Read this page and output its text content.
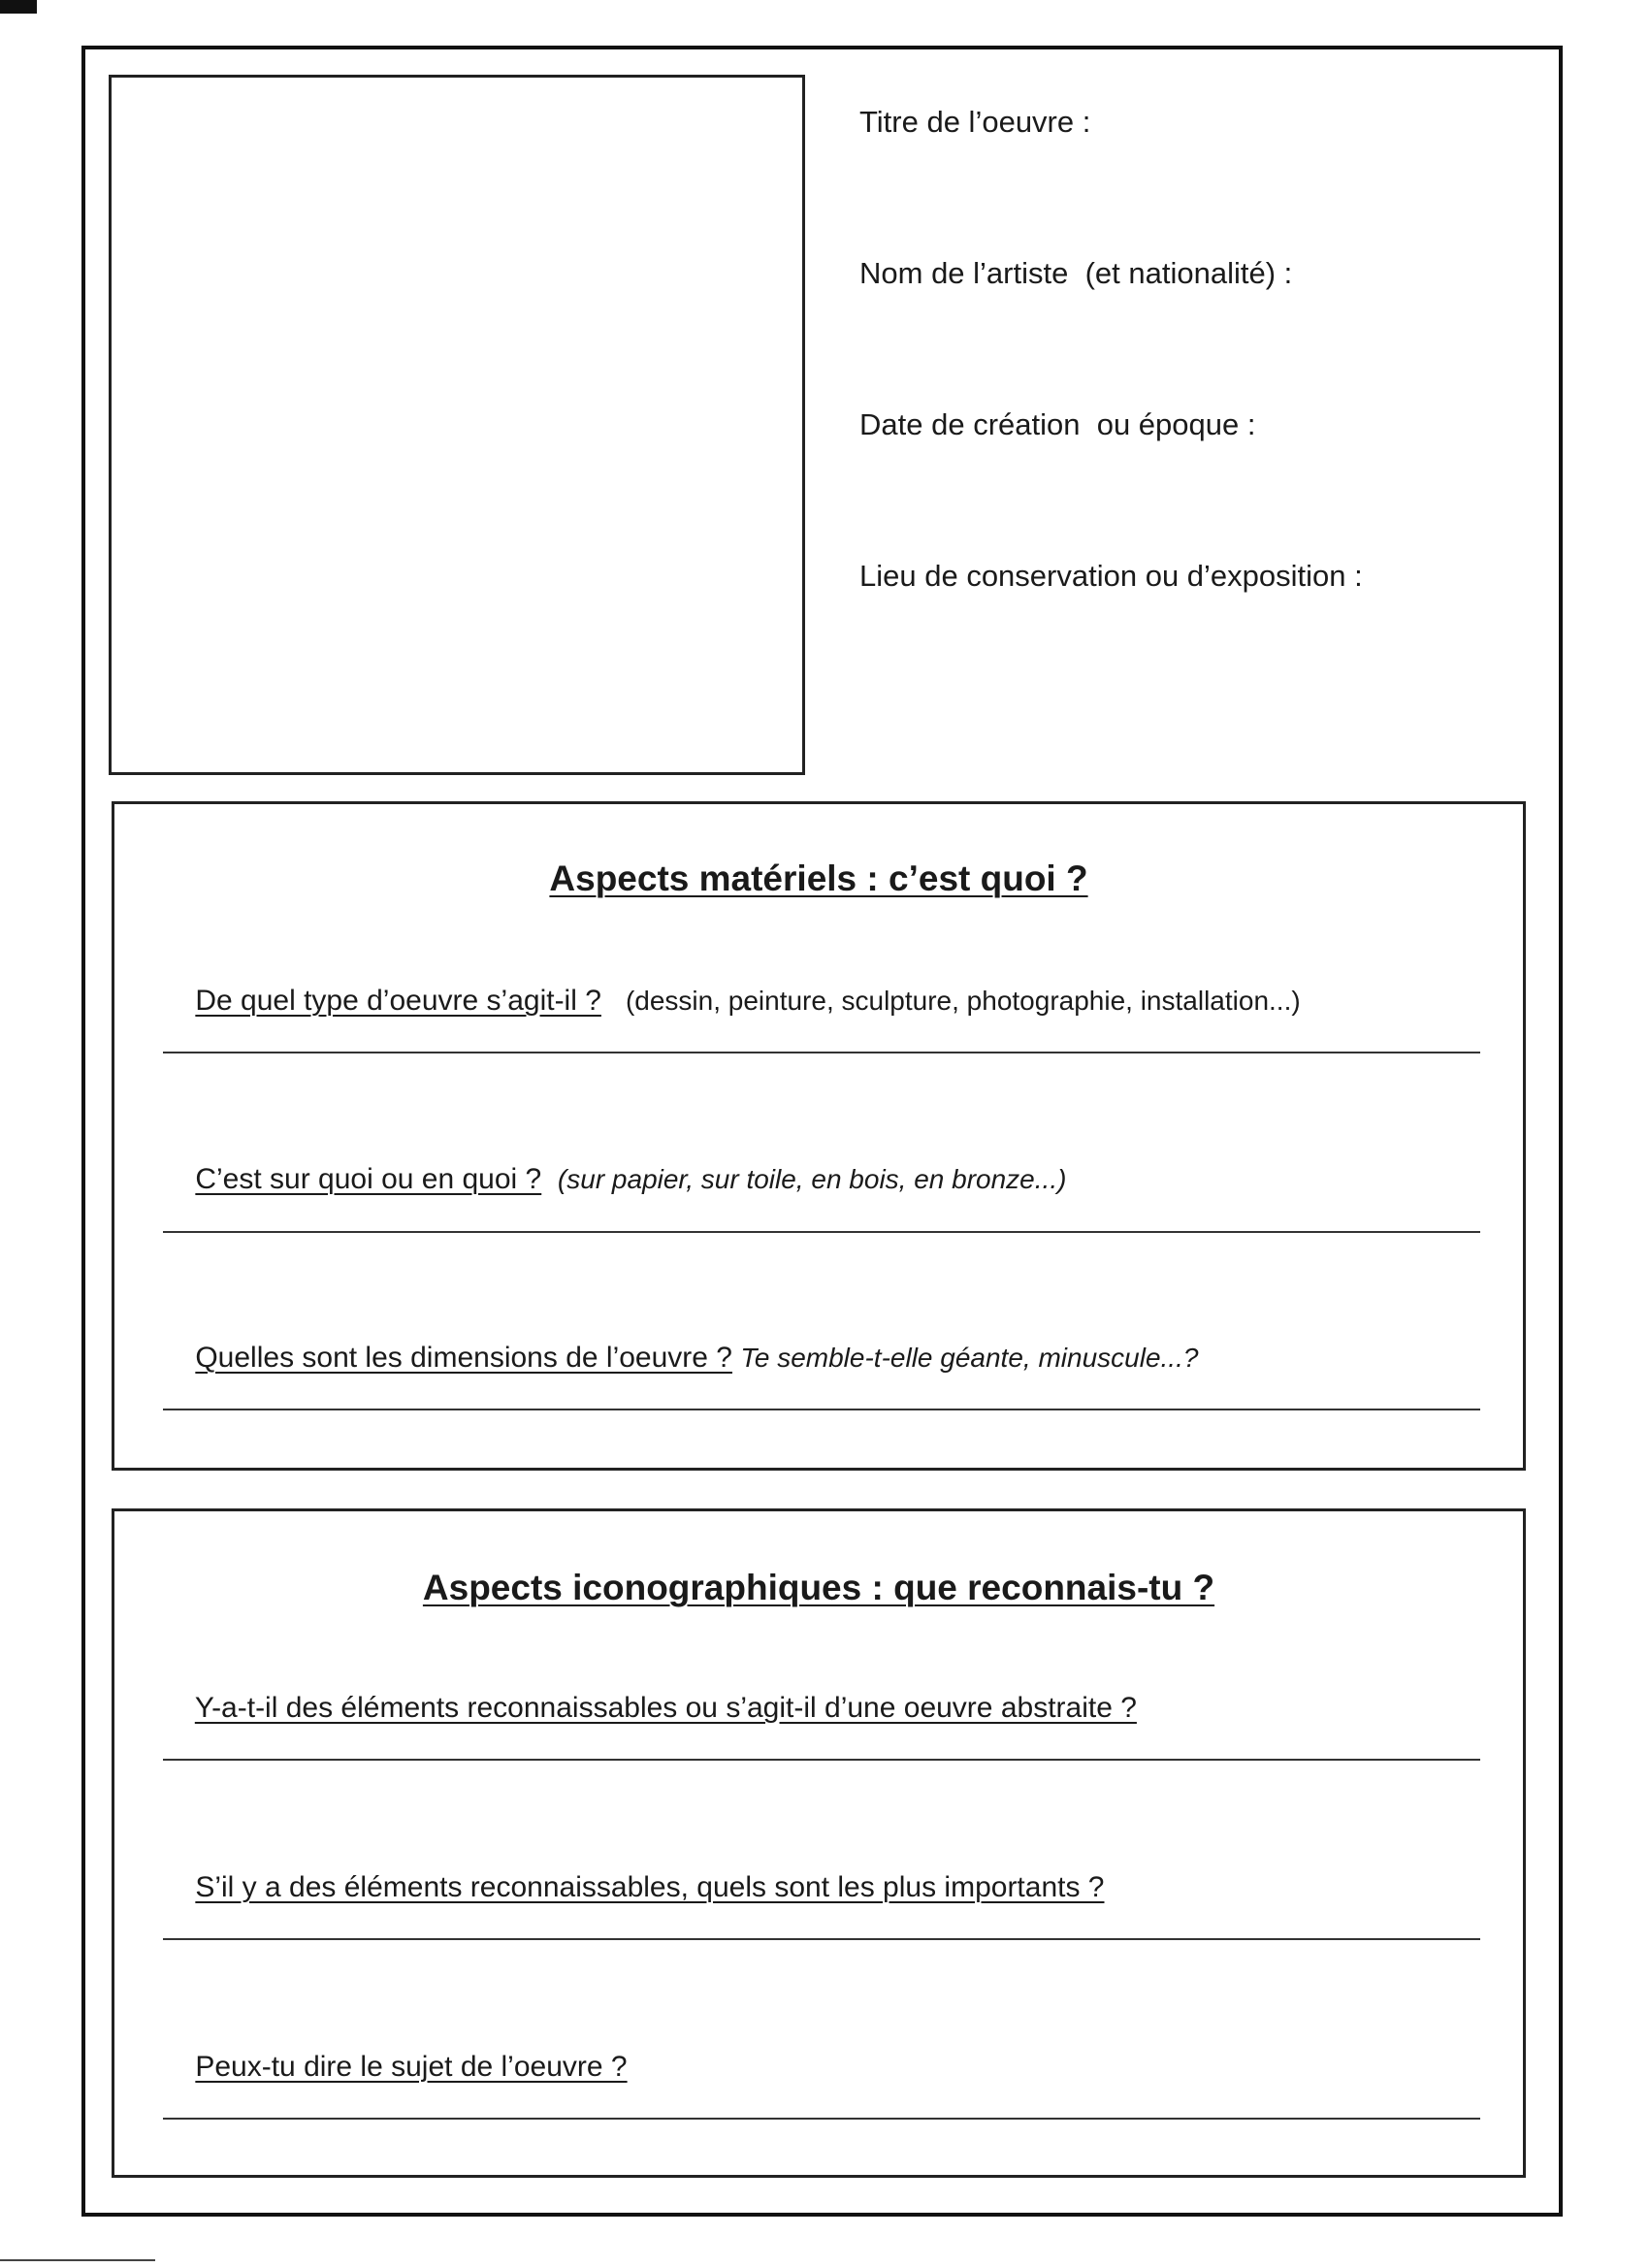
Titre de l’oeuvre :
Nom de l’artiste  (et nationalité) :
Date de création  ou époque :
Lieu de conservation ou d’exposition :
Aspects matériels : c’est quoi ?

De quel type d’oeuvre s’agit-il ? (dessin, peinture, sculpture, photographie, installation...)

C’est sur quoi ou en quoi ? (sur papier, sur toile, en bois, en bronze...)

Quelles sont les dimensions de l’oeuvre ? Te semble-t-elle géante, minuscule...?

Aspects iconographiques : que reconnais-tu ?

Y-a-t-il des éléments reconnaissables ou s’agit-il d’une oeuvre abstraite ?

S’il y a des éléments reconnaissables, quels sont les plus importants ?

Peux-tu dire le sujet de l’oeuvre ?
